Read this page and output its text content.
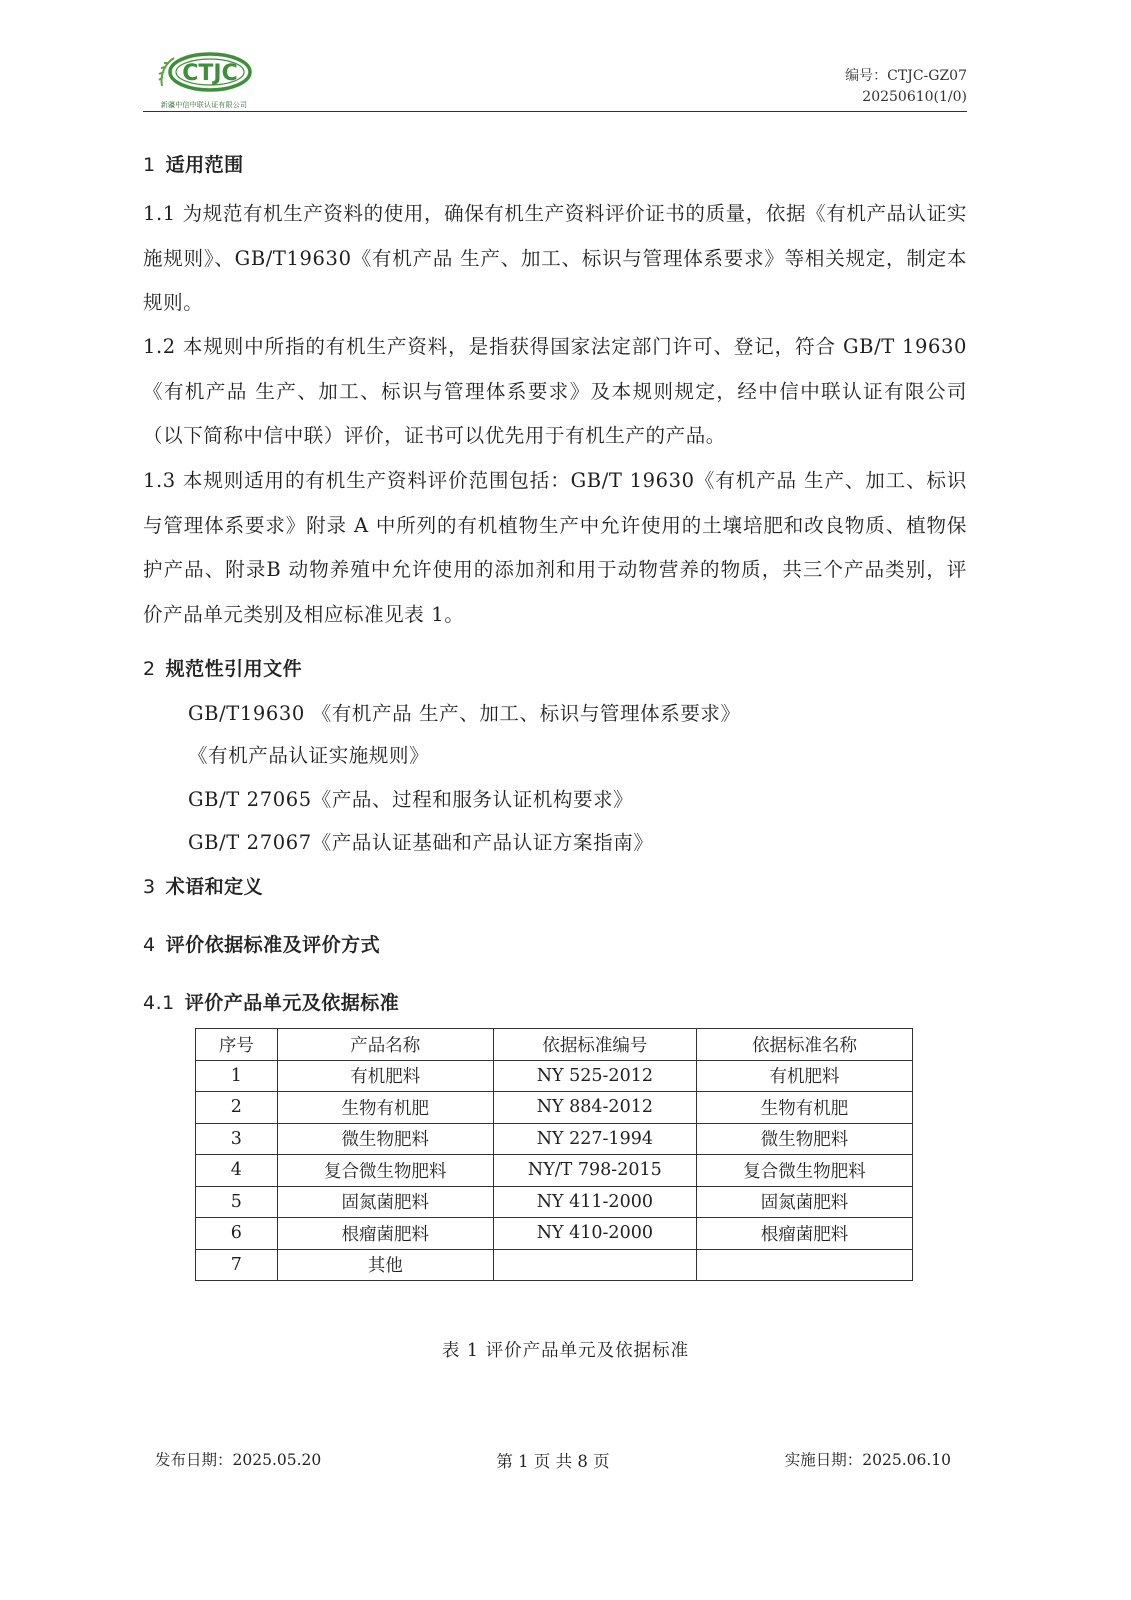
CTJC
新疆中信中联认证有限公司
编号：CTJC-GZ07
20250610(1/0)
1 适用范围
1.1 为规范有机生产资料的使用，确保有机生产资料评价证书的质量，依据《有机产品认证实施规则》、GB/T19630《有机产品 生产、加工、标识与管理体系要求》等相关规定，制定本规则。
1.2 本规则中所指的有机生产资料，是指获得国家法定部门许可、登记，符合 GB/T 19630《有机产品 生产、加工、标识与管理体系要求》及本规则规定，经中信中联认证有限公司（以下简称中信中联）评价，证书可以优先用于有机生产的产品。
1.3 本规则适用的有机生产资料评价范围包括：GB/T 19630《有机产品 生产、加工、标识与管理体系要求》附录 A 中所列的有机植物生产中允许使用的土壤培肥和改良物质、植物保护产品、附录B 动物养殖中允许使用的添加剂和用于动物营养的物质，共三个产品类别，评价产品单元类别及相应标准见表 1。
2 规范性引用文件
GB/T19630 《有机产品 生产、加工、标识与管理体系要求》
《有机产品认证实施规则》
GB/T 27065《产品、过程和服务认证机构要求》
GB/T 27067《产品认证基础和产品认证方案指南》
3 术语和定义
4 评价依据标准及评价方式
4.1 评价产品单元及依据标准
序号	产品名称	依据标准编号	依据标准名称
1	有机肥料	NY 525-2012	有机肥料
2	生物有机肥	NY 884-2012	生物有机肥
3	微生物肥料	NY 227-1994	微生物肥料
4	复合微生物肥料	NY/T 798-2015	复合微生物肥料
5	固氮菌肥料	NY 411-2000	固氮菌肥料
6	根瘤菌肥料	NY 410-2000	根瘤菌肥料
7	其他		
表 1 评价产品单元及依据标准
发布日期：2025.05.20	第 1 页 共 8 页	实施日期：2025.06.10
